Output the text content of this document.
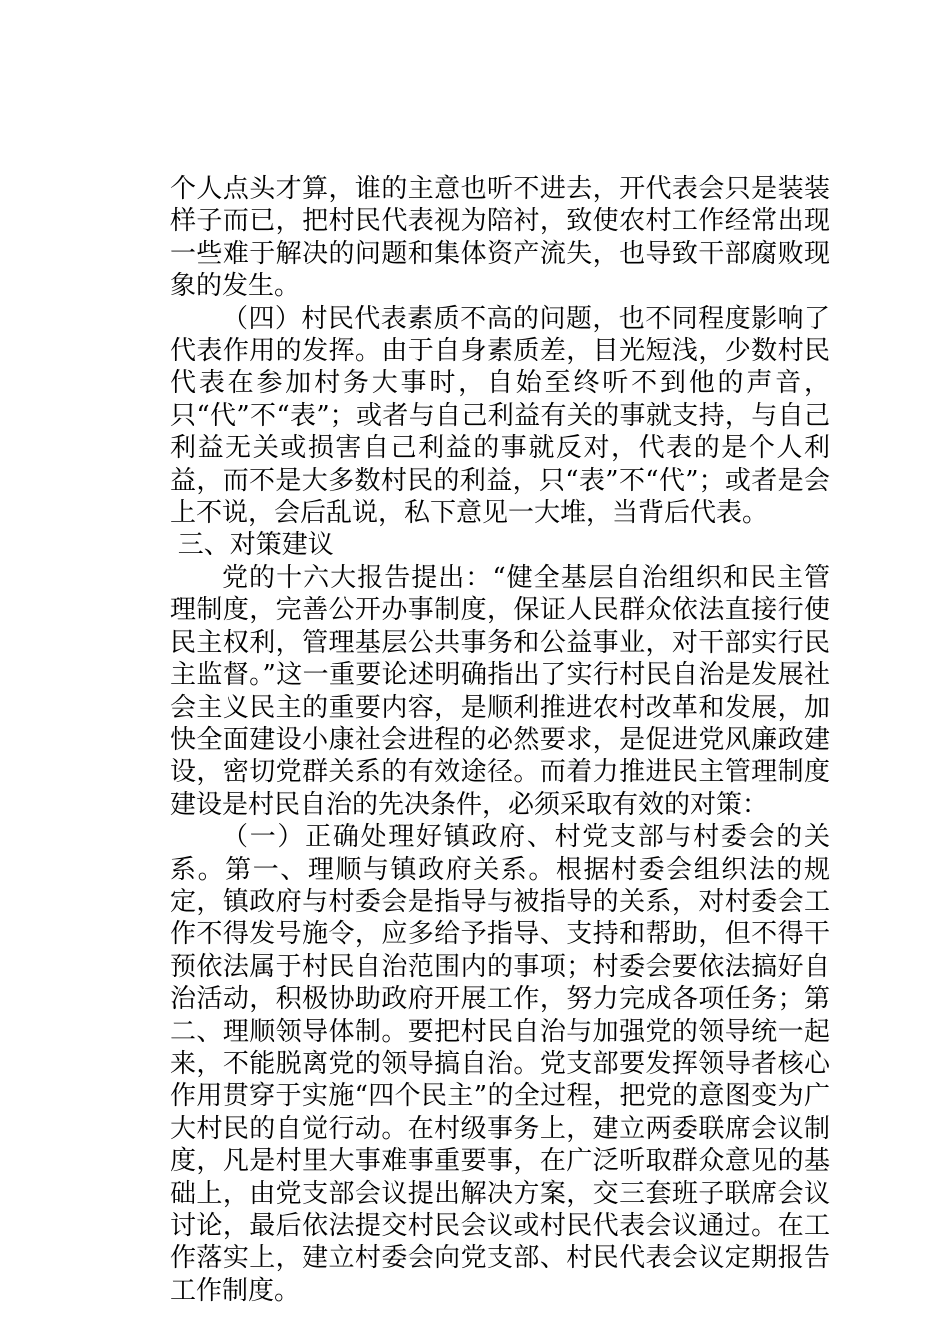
个人点头才算，谁的主意也听不进去，开代表会只是装装样子而已，把村民代表视为陪衬，致使农村工作经常出现一些难于解决的问题和集体资产流失，也导致干部腐败现象的发生。

（四）村民代表素质不高的问题，也不同程度影响了代表作用的发挥。由于自身素质差，目光短浅，少数村民代表在参加村务大事时，自始至终听不到他的声音，只“代”不“表”；或者与自己利益有关的事就支持，与自己利益无关或损害自己利益的事就反对，代表的是个人利益，而不是大多数村民的利益，只“表”不“代”；或者是会上不说，会后乱说，私下意见一大堆，当背后代表。

三、对策建议

党的十六大报告提出：“健全基层自治组织和民主管理制度，完善公开办事制度，保证人民群众依法直接行使民主权利，管理基层公共事务和公益事业，对干部实行民主监督。”这一重要论述明确指出了实行村民自治是发展社会主义民主的重要内容，是顺利推进农村改革和发展，加快全面建设小康社会进程的必然要求，是促进党风廉政建设，密切党群关系的有效途径。而着力推进民主管理制度建设是村民自治的先决条件，必须采取有效的对策：

（一）正确处理好镇政府、村党支部与村委会的关系。第一、理顺与镇政府关系。根据村委会组织法的规定，镇政府与村委会是指导与被指导的关系，对村委会工作不得发号施令，应多给予指导、支持和帮助，但不得干预依法属于村民自治范围内的事项；村委会要依法搞好自治活动，积极协助政府开展工作，努力完成各项任务；第二、理顺领导体制。要把村民自治与加强党的领导统一起来，不能脱离党的领导搞自治。党支部要发挥领导者核心作用贯穿于实施“四个民主”的全过程，把党的意图变为广大村民的自觉行动。在村级事务上，建立两委联席会议制度，凡是村里大事难事重要事，在广泛听取群众意见的基础上，由党支部会议提出解决方案，交三套班子联席会议讨论，最后依法提交村民会议或村民代表会议通过。在工作落实上，建立村委会向党支部、村民代表会议定期报告工作制度。
